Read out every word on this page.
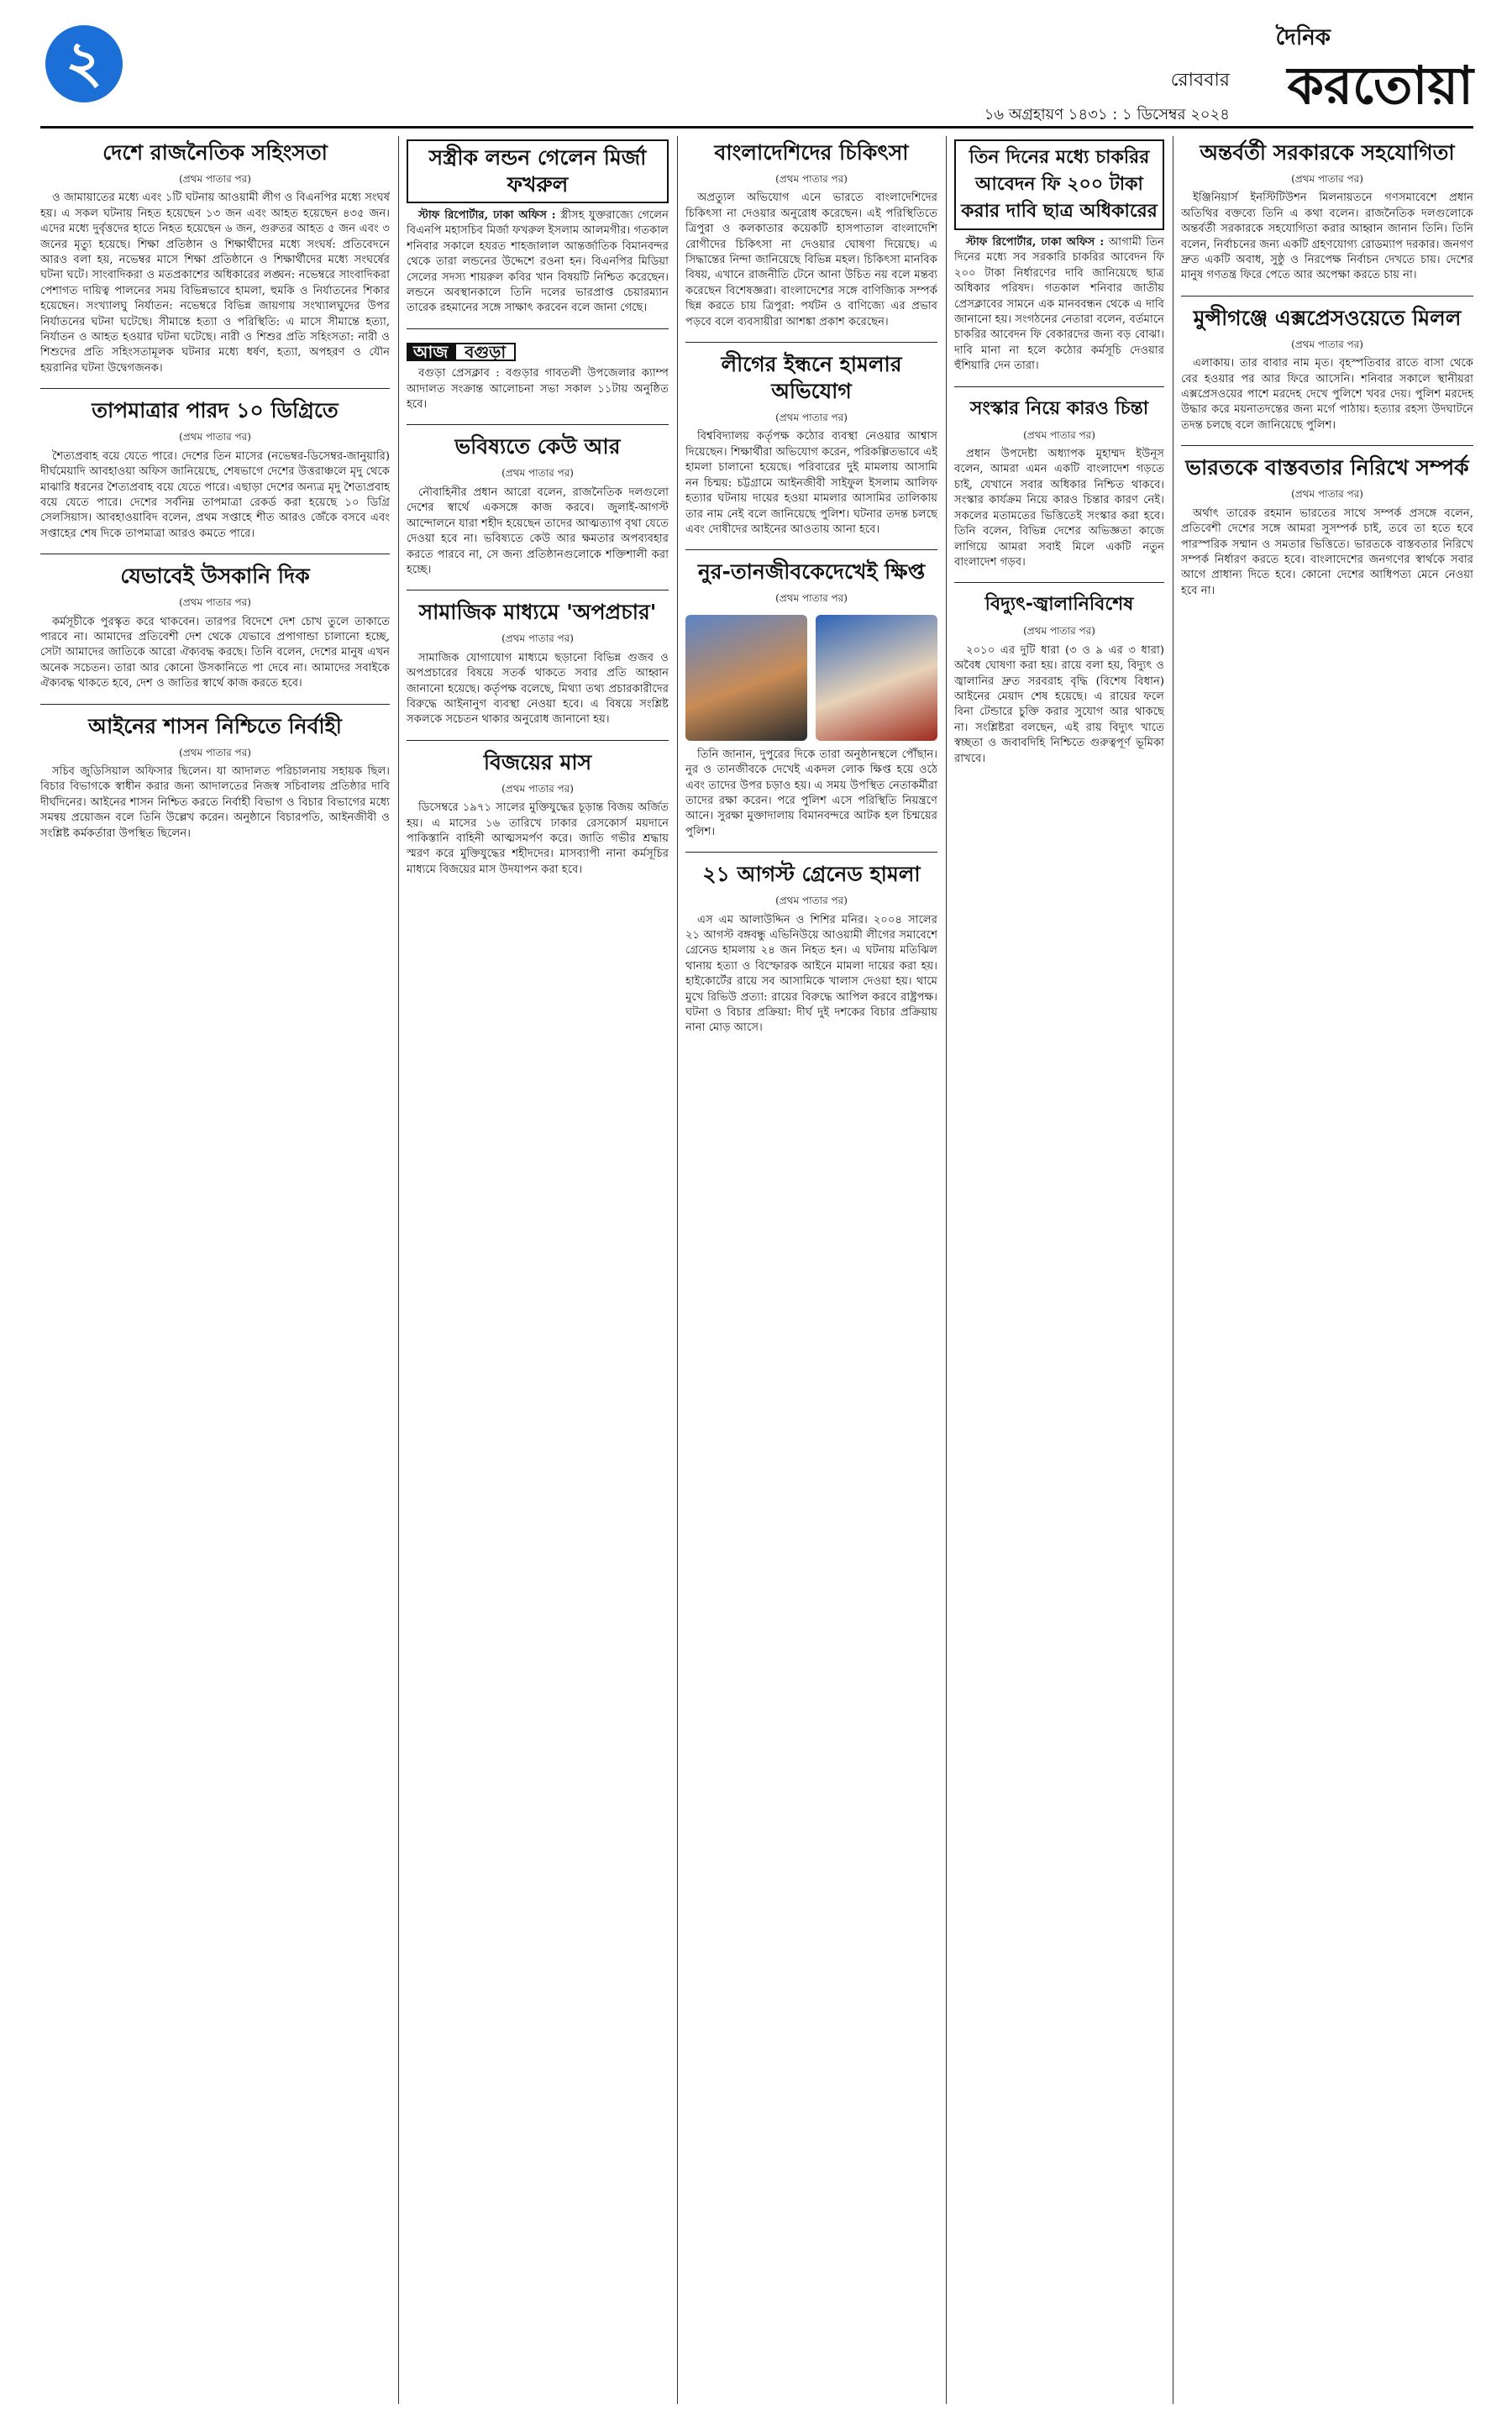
২	রোববার
১৬ অগ্রহায়ণ ১৪৩১ : ১ ডিসেম্বর ২০২৪
দৈনিক
করতোয়া
দেশে রাজনৈতিক সহিংসতা
(প্রথম পাতার পর)

ও জামায়াতের মধ্যে এবং ১টি ঘটনায় আওয়ামী লীগ ও বিএনপির মধ্যে সংঘর্ষ হয়। এ সকল ঘটনায় নিহত হয়েছেন ১৩ জন এবং আহত হয়েছেন ৪৩৫ জন। এদের মধ্যে দুর্বৃত্তদের হাতে নিহত হয়েছেন ৬ জন, গুরুতর আহত ৫ জন এবং ৩ জনের মৃত্যু হয়েছে। শিক্ষা প্রতিষ্ঠান ও শিক্ষার্থীদের মধ্যে সংঘর্ষ: প্রতিবেদনে আরও বলা হয়, নভেম্বর মাসে শিক্ষা প্রতিষ্ঠানে ও শিক্ষার্থীদের মধ্যে সংঘর্ষের ঘটনা ঘটে। সাংবাদিকরা ও মতপ্রকাশের অধিকারের লঙ্ঘন: নভেম্বরে সাংবাদিকরা পেশাগত দায়িত্ব পালনের সময় বিভিন্নভাবে হামলা, হুমকি ও নির্যাতনের শিকার হয়েছেন। সংখ্যালঘু নির্যাতন: নভেম্বরে বিভিন্ন জায়গায় সংখ্যালঘুদের উপর নির্যাতনের ঘটনা ঘটেছে। সীমান্তে হত্যা ও পরিস্থিতি: এ মাসে সীমান্তে হত্যা, নির্যাতন ও আহত হওয়ার ঘটনা ঘটেছে। নারী ও শিশুর প্রতি সহিংসতা: নারী ও শিশুদের প্রতি সহিংসতামূলক ঘটনার মধ্যে ধর্ষণ, হত্যা, অপহরণ ও যৌন হয়রানির ঘটনা উদ্বেগজনক।

তাপমাত্রার পারদ ১০ ডিগ্রিতে
(প্রথম পাতার পর)

শৈত্যপ্রবাহ বয়ে যেতে পারে। দেশের তিন মাসের (নভেম্বর-ডিসেম্বর-জানুয়ারি) দীর্ঘমেয়াদি আবহাওয়া অফিস জানিয়েছে, শেষভাগে দেশের উত্তরাঞ্চলে মৃদু থেকে মাঝারি ধরনের শৈত্যপ্রবাহ বয়ে যেতে পারে। এছাড়া দেশের অন্যত্র মৃদু শৈত্যপ্রবাহ বয়ে যেতে পারে। দেশের সর্বনিম্ন তাপমাত্রা রেকর্ড করা হয়েছে ১০ ডিগ্রি সেলসিয়াস। আবহাওয়াবিদ বলেন, প্রথম সপ্তাহে শীত আরও জেঁকে বসবে এবং সপ্তাহের শেষ দিকে তাপমাত্রা আরও কমতে পারে।

যেভাবেই উসকানি দিক
(প্রথম পাতার পর)

কর্মসূচীকে পুরস্কৃত করে থাকবেন। তারপর বিদেশে দেশ চোখ তুলে তাকাতে পারবে না। আমাদের প্রতিবেশী দেশ থেকে যেভাবে প্রপাগান্ডা চালানো হচ্ছে, সেটা আমাদের জাতিকে আরো ঐক্যবদ্ধ করছে। তিনি বলেন, দেশের মানুষ এখন অনেক সচেতন। তারা আর কোনো উসকানিতে পা দেবে না। আমাদের সবাইকে ঐক্যবদ্ধ থাকতে হবে, দেশ ও জাতির স্বার্থে কাজ করতে হবে।

আইনের শাসন নিশ্চিতে নির্বাহী
(প্রথম পাতার পর)

সচিব জুডিসিয়াল অফিসার ছিলেন। যা আদালত পরিচালনায় সহায়ক ছিল। বিচার বিভাগকে স্বাধীন করার জন্য আদালতের নিজস্ব সচিবালয় প্রতিষ্ঠার দাবি দীর্ঘদিনের। আইনের শাসন নিশ্চিত করতে নির্বাহী বিভাগ ও বিচার বিভাগের মধ্যে সমন্বয় প্রয়োজন বলে তিনি উল্লেখ করেন। অনুষ্ঠানে বিচারপতি, আইনজীবী ও সংশ্লিষ্ট কর্মকর্তারা উপস্থিত ছিলেন।

সস্ত্রীক লন্ডন গেলেন মির্জা ফখরুল

স্টাফ রিপোর্টার, ঢাকা অফিস : স্ত্রীসহ যুক্তরাজ্যে গেলেন বিএনপি মহাসচিব মির্জা ফখরুল ইসলাম আলমগীর। গতকাল শনিবার সকালে হযরত শাহজালাল আন্তর্জাতিক বিমানবন্দর থেকে তারা লন্ডনের উদ্দেশে রওনা হন। বিএনপির মিডিয়া সেলের সদস্য শায়রুল কবির খান বিষয়টি নিশ্চিত করেছেন। লন্ডনে অবস্থানকালে তিনি দলের ভারপ্রাপ্ত চেয়ারম্যান তারেক রহমানের সঙ্গে সাক্ষাৎ করবেন বলে জানা গেছে।

আজ	বগুড়া

বগুড়া প্রেসক্লাব : বগুড়ার গাবতলী উপজেলার ক্যাম্প আদালত সংক্রান্ত আলোচনা সভা সকাল ১১টায় অনুষ্ঠিত হবে।

ভবিষ্যতে কেউ আর
(প্রথম পাতার পর)

নৌবাহিনীর প্রধান আরো বলেন, রাজনৈতিক দলগুলো দেশের স্বার্থে একসঙ্গে কাজ করবে। জুলাই-আগস্ট আন্দোলনে যারা শহীদ হয়েছেন তাদের আত্মত্যাগ বৃথা যেতে দেওয়া হবে না। ভবিষ্যতে কেউ আর ক্ষমতার অপব্যবহার করতে পারবে না, সে জন্য প্রতিষ্ঠানগুলোকে শক্তিশালী করা হচ্ছে।

সামাজিক মাধ্যমে 'অপপ্রচার'
(প্রথম পাতার পর)

সামাজিক যোগাযোগ মাধ্যমে ছড়ানো বিভিন্ন গুজব ও অপপ্রচারের বিষয়ে সতর্ক থাকতে সবার প্রতি আহ্বান জানানো হয়েছে। কর্তৃপক্ষ বলেছে, মিথ্যা তথ্য প্রচারকারীদের বিরুদ্ধে আইনানুগ ব্যবস্থা নেওয়া হবে। এ বিষয়ে সংশ্লিষ্ট সকলকে সচেতন থাকার অনুরোধ জানানো হয়।

বিজয়ের মাস
(প্রথম পাতার পর)

ডিসেম্বরে ১৯৭১ সালের মুক্তিযুদ্ধের চূড়ান্ত বিজয় অর্জিত হয়। এ মাসের ১৬ তারিখে ঢাকার রেসকোর্স ময়দানে পাকিস্তানি বাহিনী আত্মসমর্পণ করে। জাতি গভীর শ্রদ্ধায় স্মরণ করে মুক্তিযুদ্ধের শহীদদের। মাসব্যাপী নানা কর্মসূচির মাধ্যমে বিজয়ের মাস উদযাপন করা হবে।

বাংলাদেশিদের চিকিৎসা
(প্রথম পাতার পর)

অপ্রত্যুল অভিযোগ এনে ভারতে বাংলাদেশিদের চিকিৎসা না দেওয়ার অনুরোধ করেছেন। এই পরিস্থিতিতে ত্রিপুরা ও কলকাতার কয়েকটি হাসপাতাল বাংলাদেশি রোগীদের চিকিৎসা না দেওয়ার ঘোষণা দিয়েছে। এ সিদ্ধান্তের নিন্দা জানিয়েছে বিভিন্ন মহল। চিকিৎসা মানবিক বিষয়, এখানে রাজনীতি টেনে আনা উচিত নয় বলে মন্তব্য করেছেন বিশেষজ্ঞরা। বাংলাদেশের সঙ্গে বাণিজ্যিক সম্পর্ক ছিন্ন করতে চায় ত্রিপুরা: পর্যটন ও বাণিজ্যে এর প্রভাব পড়বে বলে ব্যবসায়ীরা আশঙ্কা প্রকাশ করেছেন।

লীগের ইন্ধনে হামলার অভিযোগ
(প্রথম পাতার পর)

বিশ্ববিদ্যালয় কর্তৃপক্ষ কঠোর ব্যবস্থা নেওয়ার আশ্বাস দিয়েছেন। শিক্ষার্থীরা অভিযোগ করেন, পরিকল্পিতভাবে এই হামলা চালানো হয়েছে। পরিবারের দুই মামলায় আসামি নন চিন্ময়: চট্টগ্রামে আইনজীবী সাইফুল ইসলাম আলিফ হত্যার ঘটনায় দায়ের হওয়া মামলার আসামির তালিকায় তার নাম নেই বলে জানিয়েছে পুলিশ। ঘটনার তদন্ত চলছে এবং দোষীদের আইনের আওতায় আনা হবে।

নুর-তানজীবকেদেখেই ক্ষিপ্ত
(প্রথম পাতার পর)

তিনি জানান, দুপুরের দিকে তারা অনুষ্ঠানস্থলে পৌঁছান। নুর ও তানজীবকে দেখেই একদল লোক ক্ষিপ্ত হয়ে ওঠে এবং তাদের উপর চড়াও হয়। এ সময় উপস্থিত নেতাকর্মীরা তাদের রক্ষা করেন। পরে পুলিশ এসে পরিস্থিতি নিয়ন্ত্রণে আনে। সুরক্ষা মুক্তাদালায় বিমানবন্দরে আটক হল চিন্ময়ের পুলিশ।

২১ আগস্ট গ্রেনেড হামলা
(প্রথম পাতার পর)

এস এম আলাউদ্দিন ও শিশির মনির। ২০০৪ সালের ২১ আগস্ট বঙ্গবন্ধু এভিনিউয়ে আওয়ামী লীগের সমাবেশে গ্রেনেড হামলায় ২৪ জন নিহত হন। এ ঘটনায় মতিঝিল থানায় হত্যা ও বিস্ফোরক আইনে মামলা দায়ের করা হয়। হাইকোর্টের রায়ে সব আসামিকে খালাস দেওয়া হয়। থামে মুখে রিভিউ প্রত্যা: রায়ের বিরুদ্ধে আপিল করবে রাষ্ট্রপক্ষ। ঘটনা ও বিচার প্রক্রিয়া: দীর্ঘ দুই দশকের বিচার প্রক্রিয়ায় নানা মোড় আসে।

তিন দিনের মধ্যে চাকরির আবেদন ফি ২০০ টাকা করার দাবি ছাত্র অধিকারের

স্টাফ রিপোর্টার, ঢাকা অফিস : আগামী তিন দিনের মধ্যে সব সরকারি চাকরির আবেদন ফি ২০০ টাকা নির্ধারণের দাবি জানিয়েছে ছাত্র অধিকার পরিষদ। গতকাল শনিবার জাতীয় প্রেসক্লাবের সামনে এক মানববন্ধন থেকে এ দাবি জানানো হয়। সংগঠনের নেতারা বলেন, বর্তমানে চাকরির আবেদন ফি বেকারদের জন্য বড় বোঝা। দাবি মানা না হলে কঠোর কর্মসূচি দেওয়ার হুঁশিয়ারি দেন তারা।

সংস্কার নিয়ে কারও চিন্তা
(প্রথম পাতার পর)

প্রধান উপদেষ্টা অধ্যাপক মুহাম্মদ ইউনূস বলেন, আমরা এমন একটি বাংলাদেশ গড়তে চাই, যেখানে সবার অধিকার নিশ্চিত থাকবে। সংস্কার কার্যক্রম নিয়ে কারও চিন্তার কারণ নেই। সকলের মতামতের ভিত্তিতেই সংস্কার করা হবে। তিনি বলেন, বিভিন্ন দেশের অভিজ্ঞতা কাজে লাগিয়ে আমরা সবাই মিলে একটি নতুন বাংলাদেশ গড়ব।

বিদ্যুৎ-জ্বালানিবিশেষ
(প্রথম পাতার পর)

২০১০ এর দুটি ধারা (৩ ও ৯ এর ৩ ধারা) অবৈধ ঘোষণা করা হয়। রায়ে বলা হয়, বিদ্যুৎ ও জ্বালানির দ্রুত সরবরাহ বৃদ্ধি (বিশেষ বিধান) আইনের মেয়াদ শেষ হয়েছে। এ রায়ের ফলে বিনা টেন্ডারে চুক্তি করার সুযোগ আর থাকছে না। সংশ্লিষ্টরা বলছেন, এই রায় বিদ্যুৎ খাতে স্বচ্ছতা ও জবাবদিহি নিশ্চিতে গুরুত্বপূর্ণ ভূমিকা রাখবে।

অন্তর্বর্তী সরকারকে সহযোগিতা
(প্রথম পাতার পর)

ইঞ্জিনিয়ার্স ইনস্টিটিউশন মিলনায়তনে গণসমাবেশে প্রধান অতিথির বক্তব্যে তিনি এ কথা বলেন। রাজনৈতিক দলগুলোকে অন্তর্বর্তী সরকারকে সহযোগিতা করার আহ্বান জানান তিনি। তিনি বলেন, নির্বাচনের জন্য একটি গ্রহণযোগ্য রোডম্যাপ দরকার। জনগণ দ্রুত একটি অবাধ, সুষ্ঠু ও নিরপেক্ষ নির্বাচন দেখতে চায়। দেশের মানুষ গণতন্ত্র ফিরে পেতে আর অপেক্ষা করতে চায় না।

মুন্সীগঞ্জে এক্সপ্রেসওয়েতে মিলল
(প্রথম পাতার পর)

এলাকায়। তার বাবার নাম মৃত। বৃহস্পতিবার রাতে বাসা থেকে বের হওয়ার পর আর ফিরে আসেনি। শনিবার সকালে স্থানীয়রা এক্সপ্রেসওয়ের পাশে মরদেহ দেখে পুলিশে খবর দেয়। পুলিশ মরদেহ উদ্ধার করে ময়নাতদন্তের জন্য মর্গে পাঠায়। হত্যার রহস্য উদঘাটনে তদন্ত চলছে বলে জানিয়েছে পুলিশ।

ভারতকে বাস্তবতার নিরিখে সম্পর্ক
(প্রথম পাতার পর)

অর্থাৎ তারেক রহমান ভারতের সাথে সম্পর্ক প্রসঙ্গে বলেন, প্রতিবেশী দেশের সঙ্গে আমরা সুসম্পর্ক চাই, তবে তা হতে হবে পারস্পরিক সম্মান ও সমতার ভিত্তিতে। ভারতকে বাস্তবতার নিরিখে সম্পর্ক নির্ধারণ করতে হবে। বাংলাদেশের জনগণের স্বার্থকে সবার আগে প্রাধান্য দিতে হবে। কোনো দেশের আধিপত্য মেনে নেওয়া হবে না।
